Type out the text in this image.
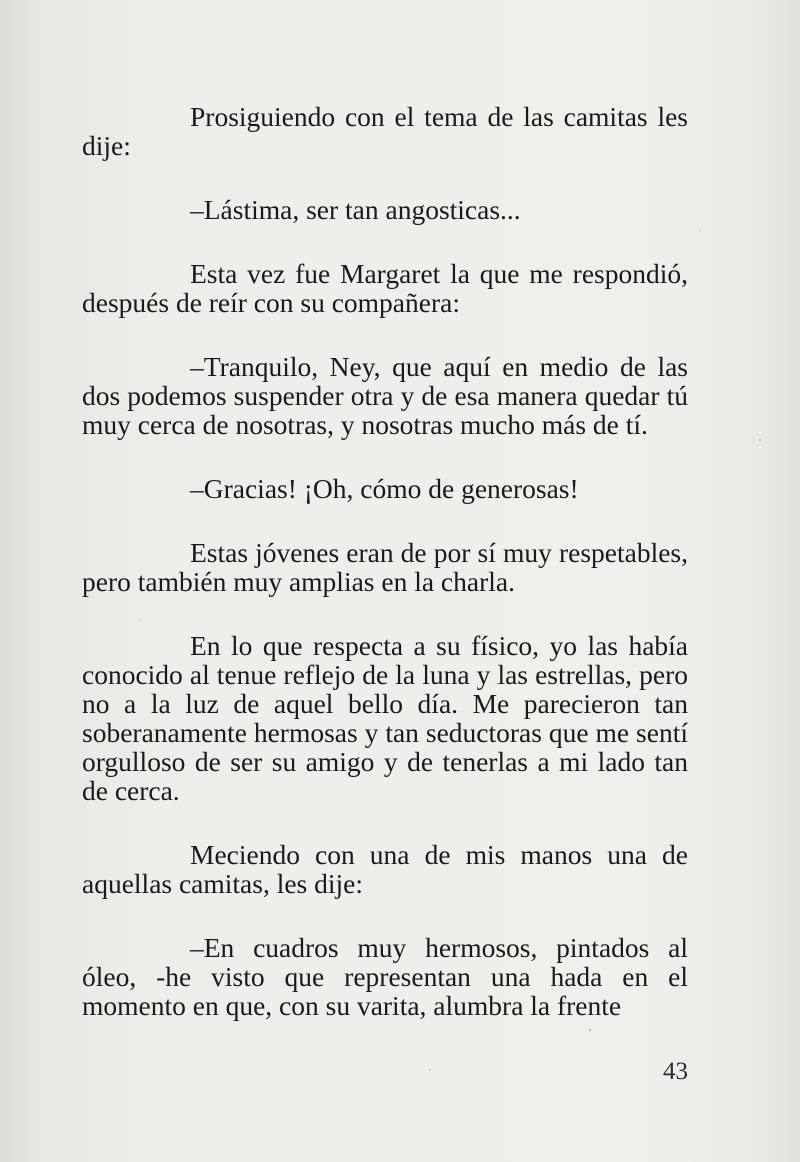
Prosiguiendo con el tema de las camitas les dije:

–Lástima, ser tan angosticas...

Esta vez fue Margaret la que me respondió, después de reír con su compañera:

–Tranquilo, Ney, que aquí en medio de las dos podemos suspender otra y de esa manera quedar tú muy cerca de nosotras, y nosotras mucho más de tí.

–Gracias! ¡Oh, cómo de generosas!

Estas jóvenes eran de por sí muy respetables, pero también muy amplias en la charla.

En lo que respecta a su físico, yo las había conocido al tenue reflejo de la luna y las estrellas, pero no a la luz de aquel bello día. Me parecieron tan soberanamente hermosas y tan seductoras que me sentí orgulloso de ser su amigo y de tenerlas a mi lado tan de cerca.

Meciendo con una de mis manos una de aquellas camitas, les dije:

–En cuadros muy hermosos, pintados al óleo, -he visto que representan una hada en el momento en que, con su varita, alumbra la frente

43
